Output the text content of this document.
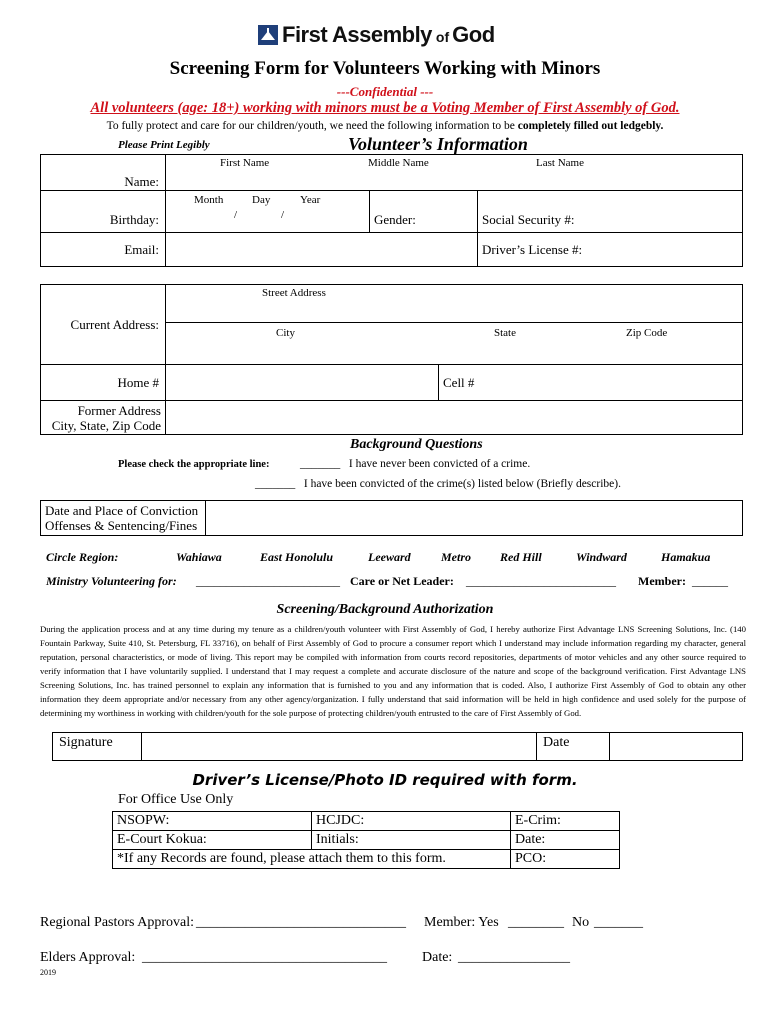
First Assembly of God
Screening Form for Volunteers Working with Minors
---Confidential ---
All volunteers (age: 18+) working with minors must be a Voting Member of First Assembly of God.
To fully protect and care for our children/youth, we need the following information to be completely filled out ledgebly.
Please Print Legibly	Volunteer’s Information
Name:	First Name Middle Name Last Name		

Birthday:	Month Day Year
/ /	Gender:	Social Security #:
Email:			Driver’s License #:
Current Address:	Street Address	

	City State Zip Code	

Home #		Cell #
Former Address
City, State, Zip Code		
Background Questions
Please check the appropriate line:	_______ I have never been convicted of a crime.
_______ I have been convicted of the crime(s) listed below (Briefly describe).
Date and Place of Conviction
Offenses & Sentencing/Fines	
Circle Region:	Wahiawa	East Honolulu	Leeward	Metro Red Hill	Windward	Hamakua
Ministry Volunteering for: ________________________ Care or Net Leader: _________________________ Member: ______
Screening/Background Authorization
During the application process and at any time during my tenure as a children/youth volunteer with First Assembly of God, I hereby authorize First Advantage LNS Screening Solutions, Inc. (140 Fountain Parkway, Suite 410, St. Petersburg, FL 33716), on behalf of First Assembly of God to procure a consumer report which I understand may include information regarding my character, general reputation, personal characteristics, or mode of living. This report may be compiled with information from courts record repositories, departments of motor vehicles and any other source required to verify information that I have voluntarily supplied. I understand that I may request a complete and accurate disclosure of the nature and scope of the background verification. First Advantage LNS Screening Solutions, Inc. has trained personnel to explain any information that is furnished to you and any information that is coded. Also, I authorize First Assembly of God to obtain any other information they deem appropriate and/or necessary from any other agency/organization. I fully understand that said information will be held in high confidence and used solely for the purpose of determining my worthiness in working with children/youth for the sole purpose of protecting children/youth entrusted to the care of First Assembly of God.
Signature		Date	
Driver’s License/Photo ID required with form.
For Office Use Only
NSOPW:	HCJDC:	E-Crim:
E-Court Kokua:	Initials:	Date:
*If any Records are found, please attach them to this form.		PCO:
Regional Pastors Approval: ______________________________ Member: Yes ________ No _______
Elders Approval: ___________________________________	Date: ________________
2019
